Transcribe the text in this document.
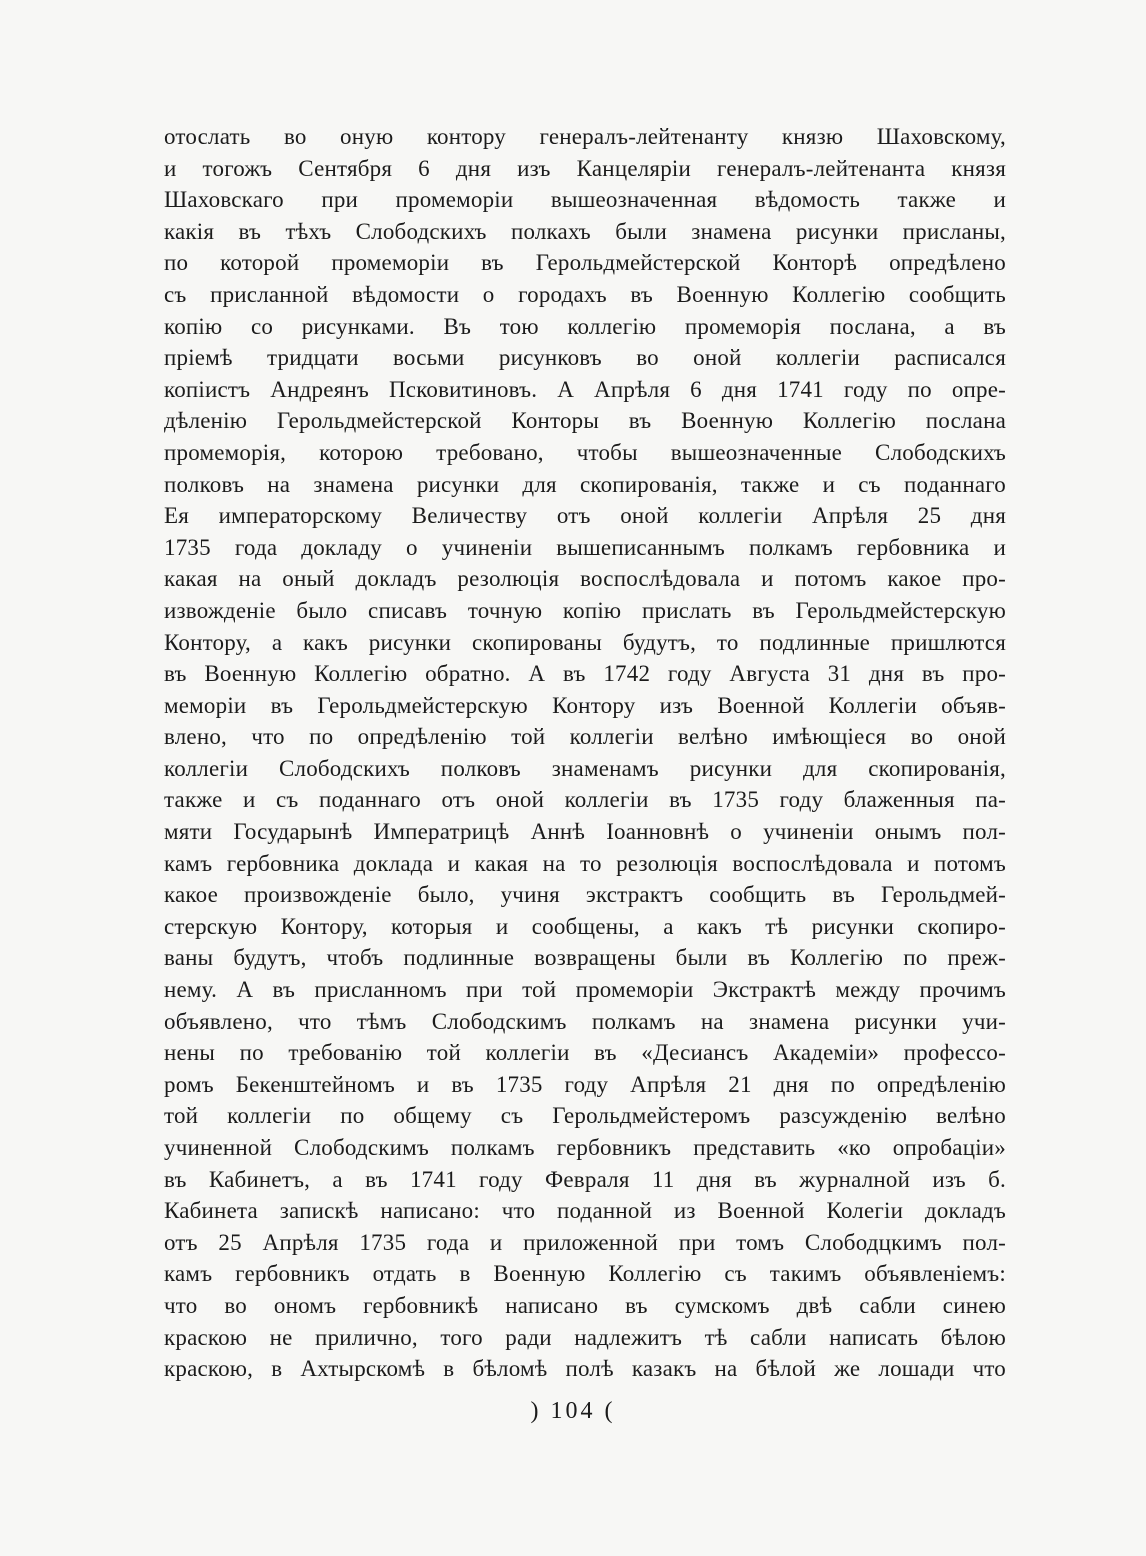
отослать во оную контору генералъ-лейтенанту князю Шаховскому,
и тогожъ Сентября 6 дня изъ Канцеляріи генералъ-лейтенанта князя
Шаховскаго при промеморіи вышеозначенная вѣдомость также и
какія въ тѣхъ Слободскихъ полкахъ были знамена рисунки присланы,
по которой промеморіи въ Герольдмейстерской Конторѣ опредѣлено
съ присланной вѣдомости о городахъ въ Военную Коллегію сообщить
копію со рисунками. Въ тою коллегію промеморія послана, а въ
пріемѣ тридцати восьми рисунковъ во оной коллегіи расписался
копіистъ Андреянъ Псковитиновъ. А Апрѣля 6 дня 1741 году по опре-
дѣленію Герольдмейстерской Конторы въ Военную Коллегію послана
промеморія, которою требовано, чтобы вышеозначенные Слободскихъ
полковъ на знамена рисунки для скопированія, также и съ поданнаго
Ея императорскому Величеству отъ оной коллегіи Апрѣля 25 дня
1735 года докладу о учиненіи вышеписаннымъ полкамъ гербовника и
какая на оный докладъ резолюція воспослѣдовала и потомъ какое про-
извожденіе было списавъ точную копію прислать въ Герольдмейстерскую
Контору, а какъ рисунки скопированы будутъ, то подлинные пришлются
въ Военную Коллегію обратно. А въ 1742 году Августа 31 дня въ про-
меморіи въ Герольдмейстерскую Контору изъ Военной Коллегіи объяв-
влено, что по опредѣленію той коллегіи велѣно имѣющіеся во оной
коллегіи Слободскихъ полковъ знаменамъ рисунки для скопированія,
также и съ поданнаго отъ оной коллегіи въ 1735 году блаженныя па-
мяти Государынѣ Императрицѣ Аннѣ Іоанновнѣ о учиненіи онымъ пол-
камъ гербовника доклада и какая на то резолюція воспослѣдовала и потомъ
какое произвожденіе было, учиня экстрактъ сообщить въ Герольдмей-
стерскую Контору, которыя и сообщены, а какъ тѣ рисунки скопиро-
ваны будутъ, чтобъ подлинные возвращены были въ Коллегію по преж-
нему. А въ присланномъ при той промеморіи Экстрактѣ между прочимъ
объявлено, что тѣмъ Слободскимъ полкамъ на знамена рисунки учи-
нены по требованію той коллегіи въ «Десиансъ Академіи» профессо-
ромъ Бекенштейномъ и въ 1735 году Апрѣля 21 дня по опредѣленію
той коллегіи по общему съ Герольдмейстеромъ разсужденію велѣно
учиненной Слободскимъ полкамъ гербовникъ представить «ко опробаціи»
въ Кабинетъ, а въ 1741 году Февраля 11 дня въ журналной изъ б.
Кабинета запискѣ написано: что поданной из Военной Колегіи докладъ
отъ 25 Апрѣля 1735 года и приложенной при томъ Слободцкимъ пол-
камъ гербовникъ отдать в Военную Коллегію съ такимъ объявленіемъ:
что во ономъ гербовникѣ написано въ сумскомъ двѣ сабли синею
краскою не прилично, того ради надлежитъ тѣ сабли написать бѣлою
краскою, в Ахтырскомѣ в бѣломѣ полѣ казакъ на бѣлой же лошади что
) 104 (
